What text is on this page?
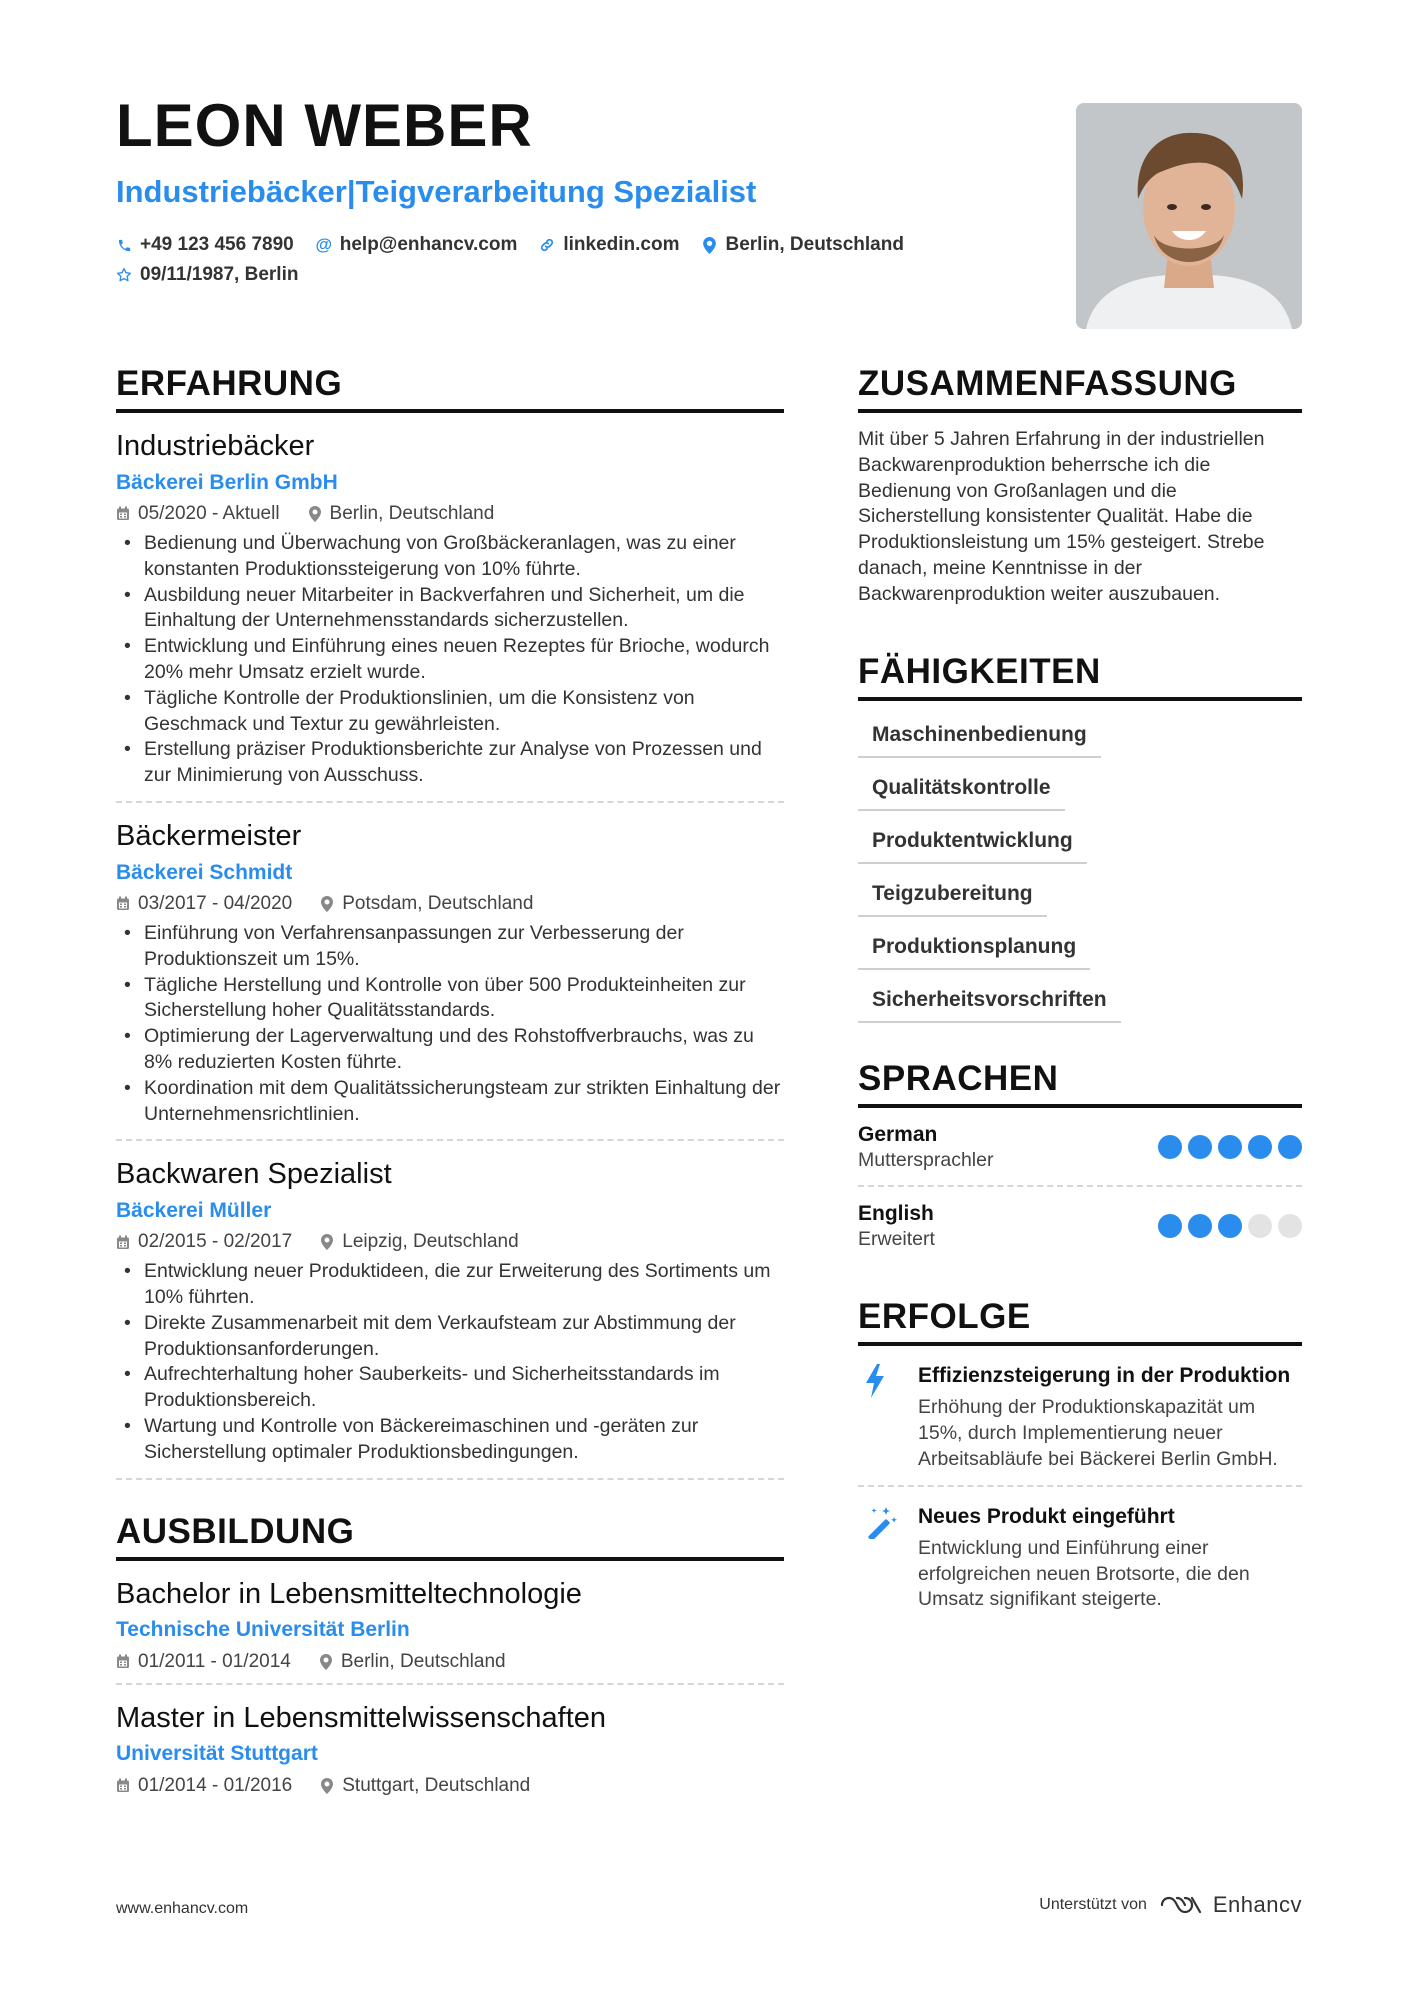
LEON WEBER
Industriebäcker|Teigverarbeitung Spezialist
+49 123 456 7890 @ help@enhancv.com linkedin.com Berlin, Deutschland
09/11/1987, Berlin
ERFAHRUNG
Industriebäcker
Bäckerei Berlin GmbH
05/2020 - Aktuell	Berlin, Deutschland
• Bedienung und Überwachung von Großbäckeranlagen, was zu einer konstanten Produktionssteigerung von 10% führte.
• Ausbildung neuer Mitarbeiter in Backverfahren und Sicherheit, um die Einhaltung der Unternehmensstandards sicherzustellen.
• Entwicklung und Einführung eines neuen Rezeptes für Brioche, wodurch 20% mehr Umsatz erzielt wurde.
• Tägliche Kontrolle der Produktionslinien, um die Konsistenz von Geschmack und Textur zu gewährleisten.
• Erstellung präziser Produktionsberichte zur Analyse von Prozessen und zur Minimierung von Ausschuss.
Bäckermeister
Bäckerei Schmidt
03/2017 - 04/2020	Potsdam, Deutschland
• Einführung von Verfahrensanpassungen zur Verbesserung der Produktionszeit um 15%.
• Tägliche Herstellung und Kontrolle von über 500 Produkteinheiten zur Sicherstellung hoher Qualitätsstandards.
• Optimierung der Lagerverwaltung und des Rohstoffverbrauchs, was zu 8% reduzierten Kosten führte.
• Koordination mit dem Qualitätssicherungsteam zur strikten Einhaltung der Unternehmensrichtlinien.
Backwaren Spezialist
Bäckerei Müller
02/2015 - 02/2017	Leipzig, Deutschland
• Entwicklung neuer Produktideen, die zur Erweiterung des Sortiments um 10% führten.
• Direkte Zusammenarbeit mit dem Verkaufsteam zur Abstimmung der Produktionsanforderungen.
• Aufrechterhaltung hoher Sauberkeits- und Sicherheitsstandards im Produktionsbereich.
• Wartung und Kontrolle von Bäckereimaschinen und -geräten zur Sicherstellung optimaler Produktionsbedingungen.
AUSBILDUNG
Bachelor in Lebensmitteltechnologie
Technische Universität Berlin
01/2011 - 01/2014	Berlin, Deutschland
Master in Lebensmittelwissenschaften
Universität Stuttgart
01/2014 - 01/2016	Stuttgart, Deutschland
ZUSAMMENFASSUNG

Mit über 5 Jahren Erfahrung in der industriellen Backwarenproduktion beherrsche ich die Bedienung von Großanlagen und die Sicherstellung konsistenter Qualität. Habe die Produktionsleistung um 15% gesteigert. Strebe danach, meine Kenntnisse in der Backwarenproduktion weiter auszubauen.

FÄHIGKEITEN
Maschinenbedienung
Qualitätskontrolle
Produktentwicklung
Teigzubereitung
Produktionsplanung
Sicherheitsvorschriften
SPRACHEN
German
Muttersprachler
English
Erweitert
ERFOLGE
Effizienzsteigerung in der Produktion
Erhöhung der Produktionskapazität um 15%, durch Implementierung neuer Arbeitsabläufe bei Bäckerei Berlin GmbH.
Neues Produkt eingeführt
Entwicklung und Einführung einer erfolgreichen neuen Brotsorte, die den Umsatz signifikant steigerte.
www.enhancv.com	Unterstützt von	Enhancv
